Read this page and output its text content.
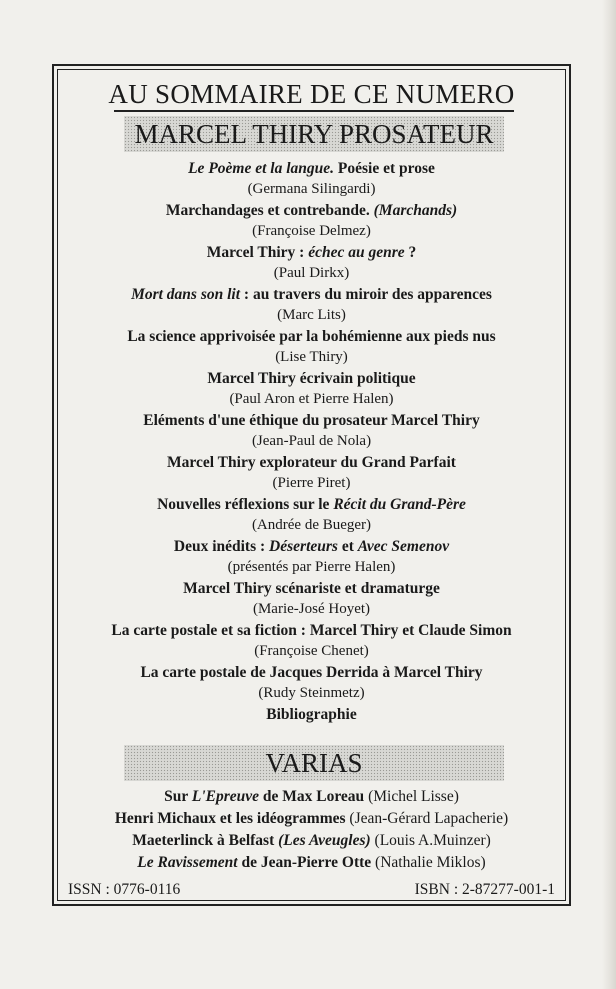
AU SOMMAIRE DE CE NUMERO
MARCEL THIRY PROSATEUR
Le Poème et la langue. Poésie et prose
(Germana Silingardi)
Marchandages et contrebande. (Marchands)
(Françoise Delmez)
Marcel Thiry : échec au genre ?
(Paul Dirkx)
Mort dans son lit : au travers du miroir des apparences
(Marc Lits)
La science apprivoisée par la bohémienne aux pieds nus
(Lise Thiry)
Marcel Thiry écrivain politique
(Paul Aron et Pierre Halen)
Eléments d'une éthique du prosateur Marcel Thiry
(Jean-Paul de Nola)
Marcel Thiry explorateur du Grand Parfait
(Pierre Piret)
Nouvelles réflexions sur le Récit du Grand-Père
(Andrée de Bueger)
Deux inédits : Déserteurs et Avec Semenov
(présentés par Pierre Halen)
Marcel Thiry scénariste et dramaturge
(Marie-José Hoyet)
La carte postale et sa fiction : Marcel Thiry et Claude Simon
(Françoise Chenet)
La carte postale de Jacques Derrida à Marcel Thiry
(Rudy Steinmetz)
Bibliographie
VARIAS
Sur L'Epreuve de Max Loreau (Michel Lisse)
Henri Michaux et les idéogrammes (Jean-Gérard Lapacherie)
Maeterlinck à Belfast (Les Aveugles) (Louis A.Muinzer)
Le Ravissement de Jean-Pierre Otte (Nathalie Miklos)
ISSN : 0776-0116	ISBN : 2-87277-001-1
